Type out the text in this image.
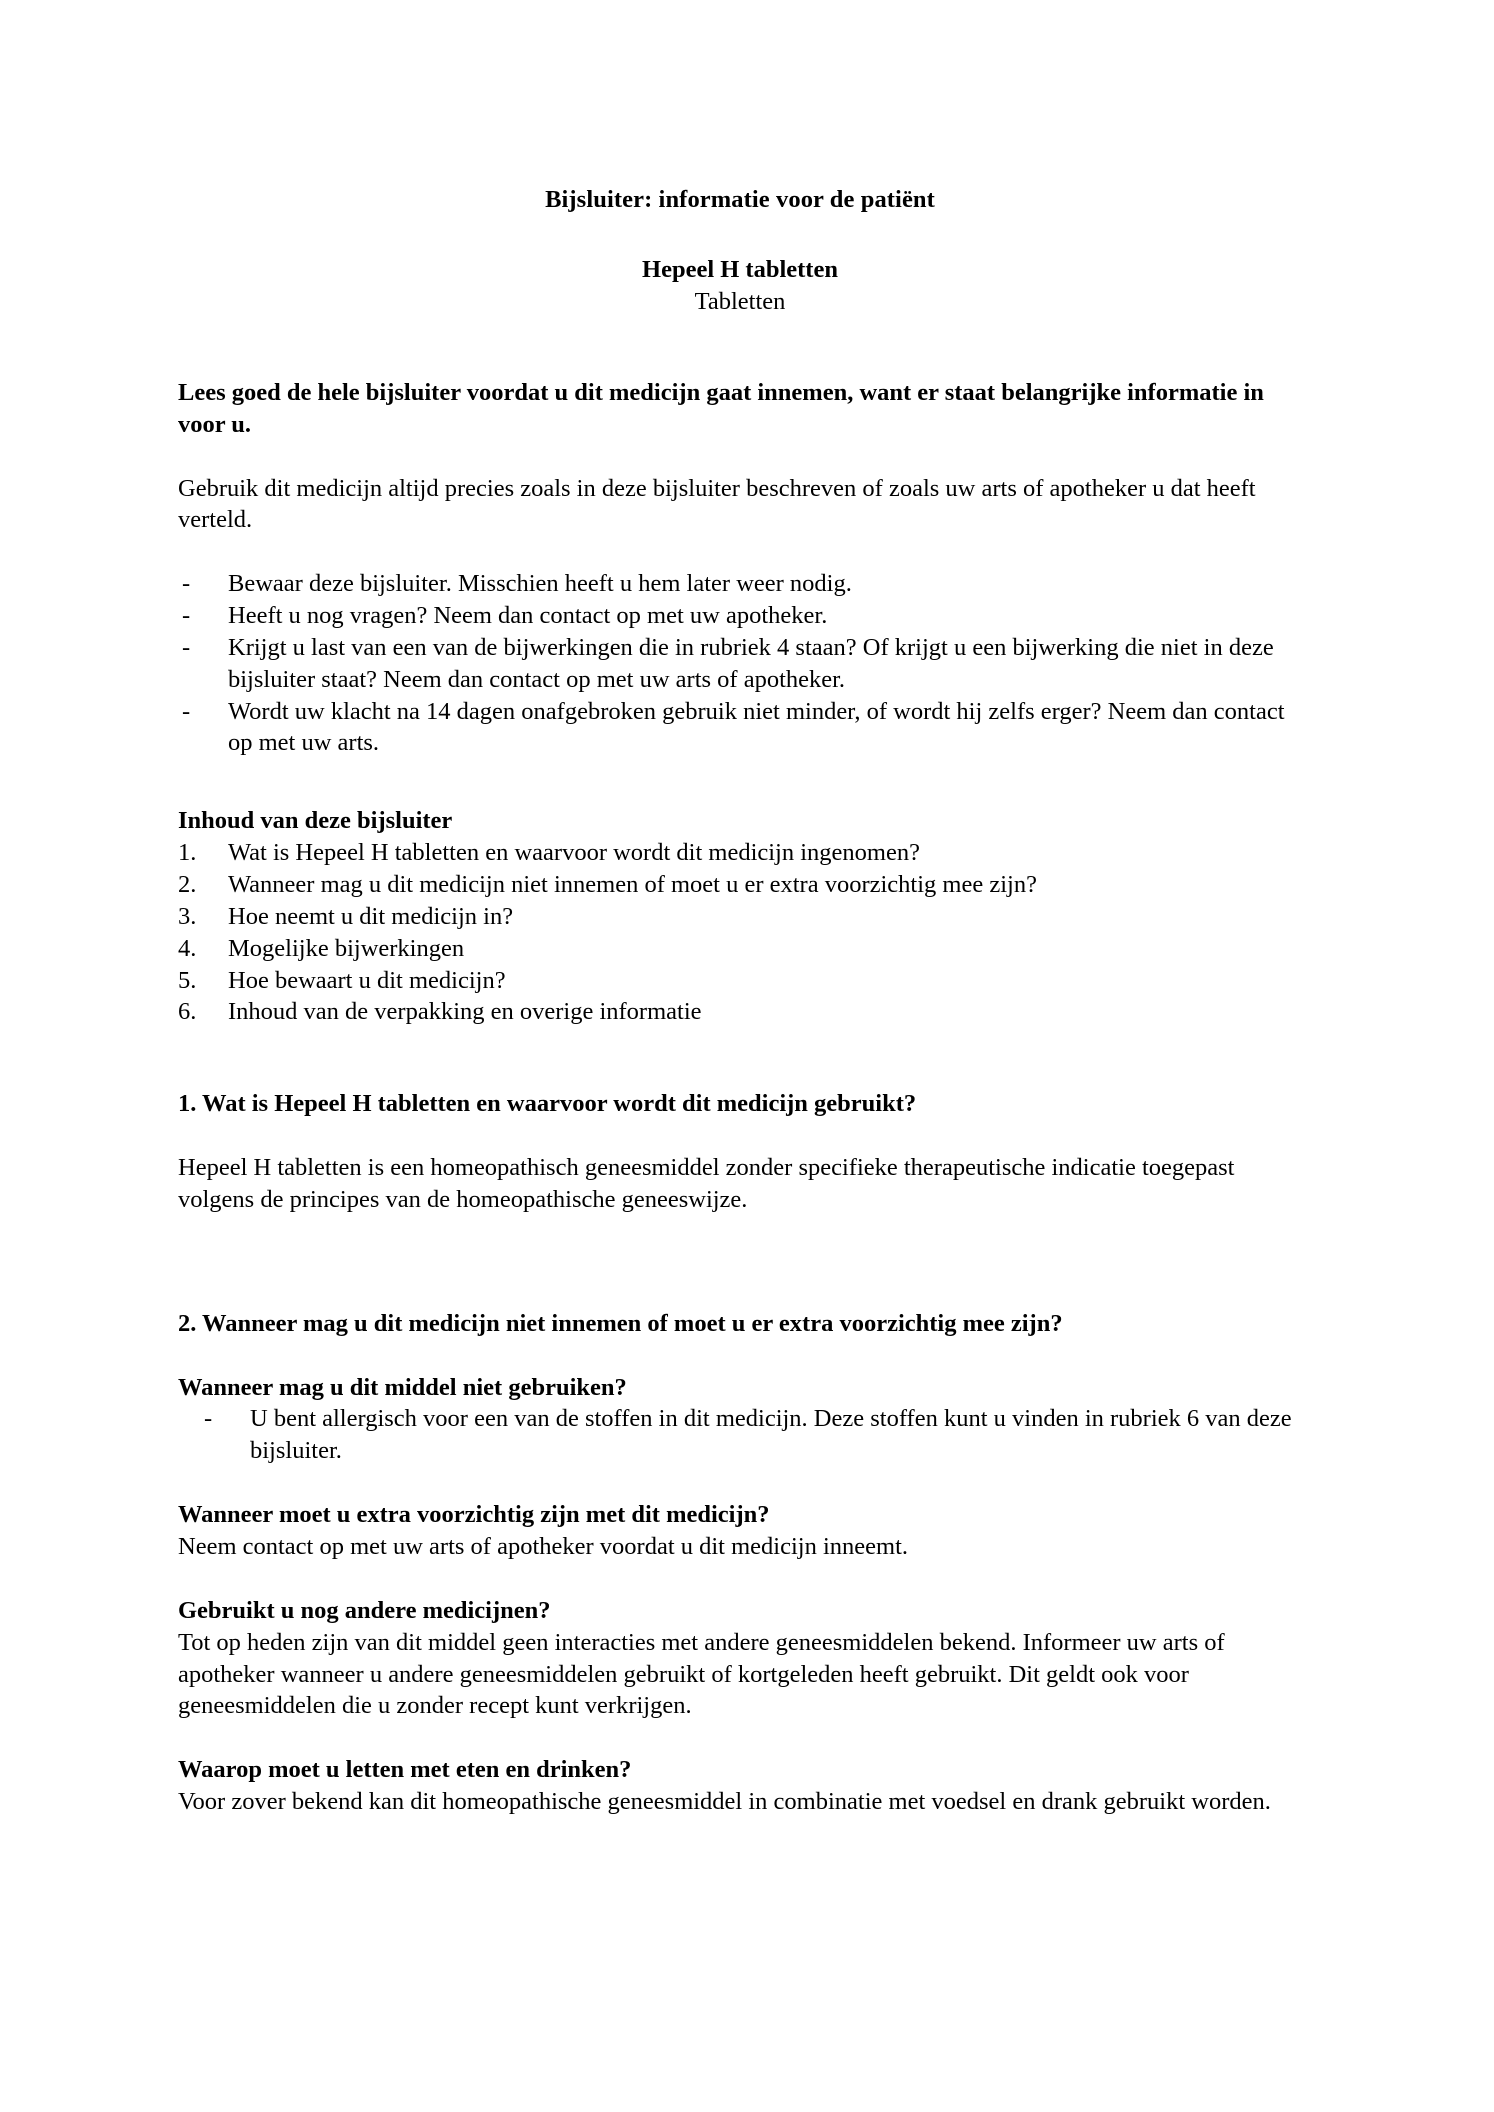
Bijsluiter: informatie voor de patiënt
Hepeel H tabletten
Tabletten

Lees goed de hele bijsluiter voordat u dit medicijn gaat innemen, want er staat belangrijke informatie in voor u.

Gebruik dit medicijn altijd precies zoals in deze bijsluiter beschreven of zoals uw arts of apotheker u dat heeft verteld.

- Bewaar deze bijsluiter. Misschien heeft u hem later weer nodig.
- Heeft u nog vragen? Neem dan contact op met uw apotheker.
- Krijgt u last van een van de bijwerkingen die in rubriek 4 staan? Of krijgt u een bijwerking die niet in deze bijsluiter staat? Neem dan contact op met uw arts of apotheker.
- Wordt uw klacht na 14 dagen onafgebroken gebruik niet minder, of wordt hij zelfs erger? Neem dan contact op met uw arts.
Inhoud van deze bijsluiter
1. Wat is Hepeel H tabletten en waarvoor wordt dit medicijn ingenomen?
2. Wanneer mag u dit medicijn niet innemen of moet u er extra voorzichtig mee zijn?
3. Hoe neemt u dit medicijn in?
4. Mogelijke bijwerkingen
5. Hoe bewaart u dit medicijn?
6. Inhoud van de verpakking en overige informatie
1. Wat is Hepeel H tabletten en waarvoor wordt dit medicijn gebruikt?

Hepeel H tabletten is een homeopathisch geneesmiddel zonder specifieke therapeutische indicatie toegepast volgens de principes van de homeopathische geneeswijze.

2. Wanneer mag u dit medicijn niet innemen of moet u er extra voorzichtig mee zijn?
Wanneer mag u dit middel niet gebruiken?
- U bent allergisch voor een van de stoffen in dit medicijn. Deze stoffen kunt u vinden in rubriek 6 van deze bijsluiter.
Wanneer moet u extra voorzichtig zijn met dit medicijn?

Neem contact op met uw arts of apotheker voordat u dit medicijn inneemt.

Gebruikt u nog andere medicijnen?

Tot op heden zijn van dit middel geen interacties met andere geneesmiddelen bekend. Informeer uw arts of apotheker wanneer u andere geneesmiddelen gebruikt of kortgeleden heeft gebruikt. Dit geldt ook voor geneesmiddelen die u zonder recept kunt verkrijgen.

Waarop moet u letten met eten en drinken?

Voor zover bekend kan dit homeopathische geneesmiddel in combinatie met voedsel en drank gebruikt worden.
